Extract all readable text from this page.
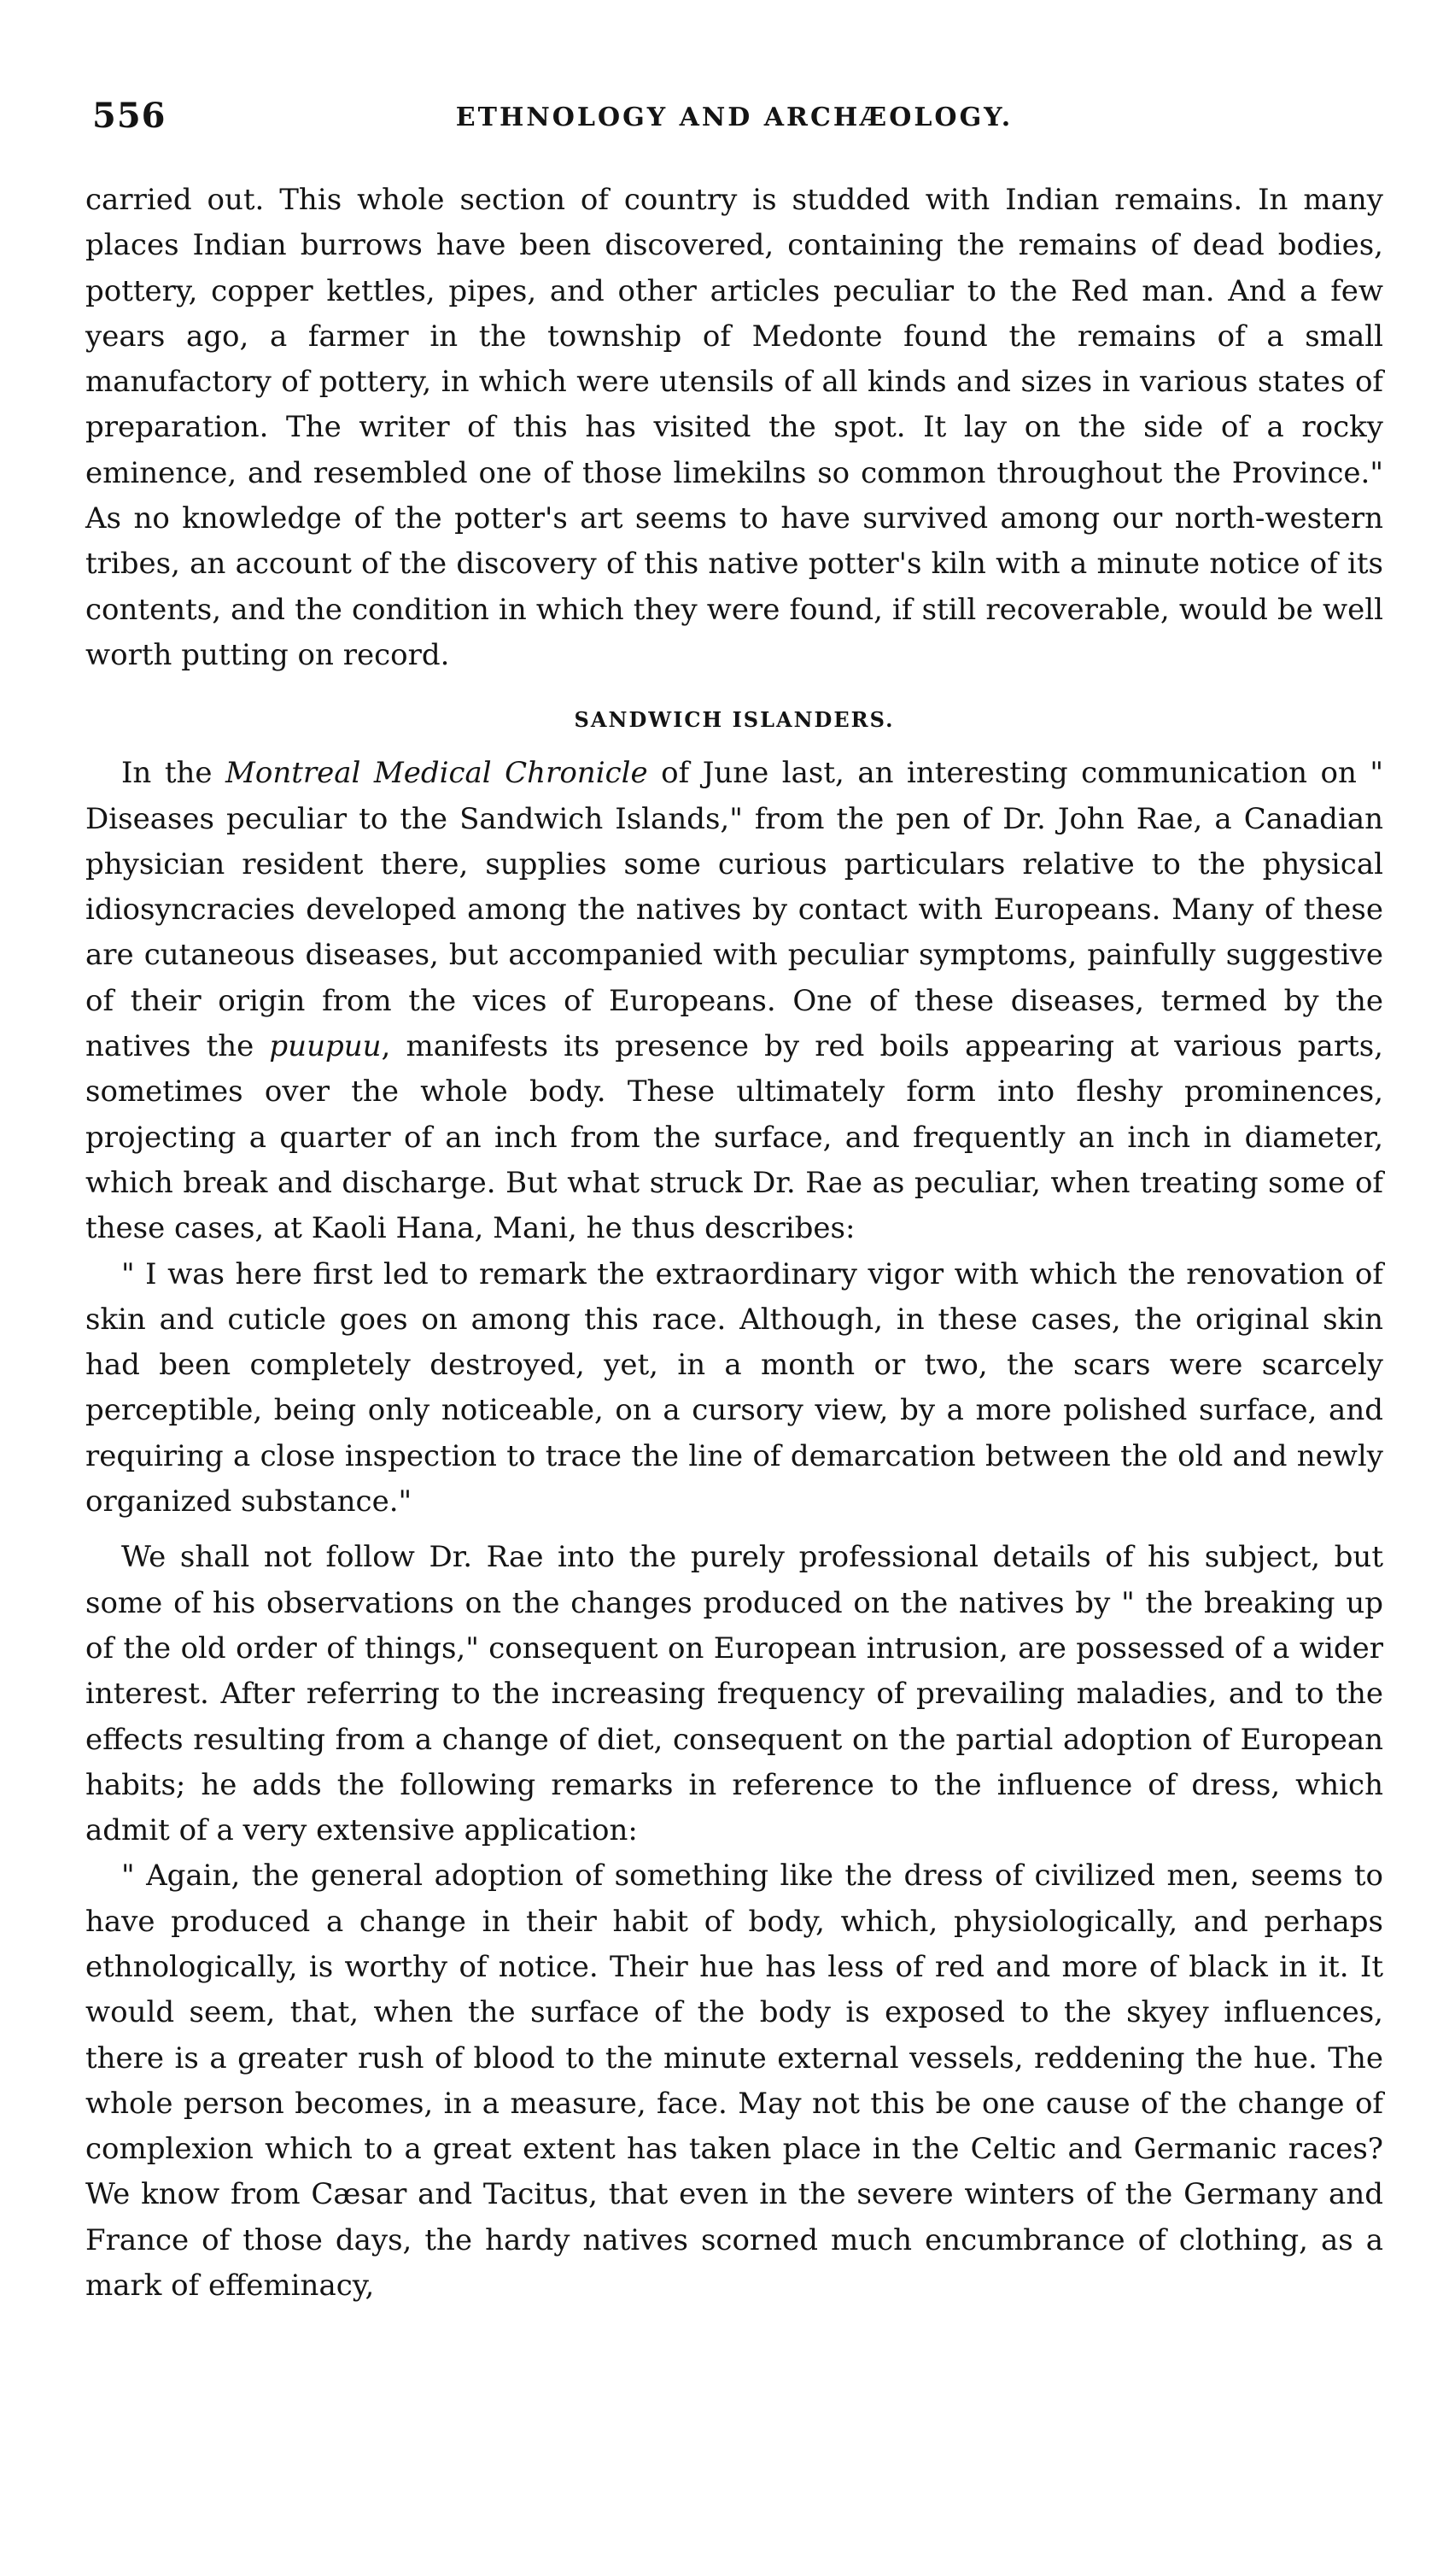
556	ETHNOLOGY AND ARCHÆOLOGY.

carried out. This whole section of country is studded with Indian remains. In many places Indian burrows have been discovered, containing the remains of dead bodies, pottery, copper kettles, pipes, and other articles peculiar to the Red man. And a few years ago, a farmer in the township of Medonte found the remains of a small manufactory of pottery, in which were utensils of all kinds and sizes in various states of preparation. The writer of this has visited the spot. It lay on the side of a rocky eminence, and resembled one of those limekilns so common throughout the Province." As no knowledge of the potter's art seems to have survived among our north-western tribes, an account of the discovery of this native potter's kiln with a minute notice of its contents, and the condition in which they were found, if still recoverable, would be well worth putting on record.

SANDWICH ISLANDERS.

In the Montreal Medical Chronicle of June last, an interesting communication on " Diseases peculiar to the Sandwich Islands," from the pen of Dr. John Rae, a Canadian physician resident there, supplies some curious particulars relative to the physical idiosyncracies developed among the natives by contact with Europeans. Many of these are cutaneous diseases, but accompanied with peculiar symptoms, painfully suggestive of their origin from the vices of Europeans. One of these diseases, termed by the natives the puupuu, manifests its presence by red boils appearing at various parts, sometimes over the whole body. These ultimately form into fleshy prominences, projecting a quarter of an inch from the surface, and frequently an inch in diameter, which break and discharge. But what struck Dr. Rae as peculiar, when treating some of these cases, at Kaoli Hana, Mani, he thus describes:

" I was here first led to remark the extraordinary vigor with which the renovation of skin and cuticle goes on among this race. Although, in these cases, the original skin had been completely destroyed, yet, in a month or two, the scars were scarcely perceptible, being only noticeable, on a cursory view, by a more polished surface, and requiring a close inspection to trace the line of demarcation between the old and newly organized substance."

We shall not follow Dr. Rae into the purely professional details of his subject, but some of his observations on the changes produced on the natives by " the breaking up of the old order of things," consequent on European intrusion, are possessed of a wider interest. After referring to the increasing frequency of prevailing maladies, and to the effects resulting from a change of diet, consequent on the partial adoption of European habits; he adds the following remarks in reference to the influence of dress, which admit of a very extensive application:

" Again, the general adoption of something like the dress of civilized men, seems to have produced a change in their habit of body, which, physiologically, and perhaps ethnologically, is worthy of notice. Their hue has less of red and more of black in it. It would seem, that, when the surface of the body is exposed to the skyey influences, there is a greater rush of blood to the minute external vessels, reddening the hue. The whole person becomes, in a measure, face. May not this be one cause of the change of complexion which to a great extent has taken place in the Celtic and Germanic races? We know from Cæsar and Tacitus, that even in the severe winters of the Germany and France of those days, the hardy natives scorned much encumbrance of clothing, as a mark of effeminacy,
